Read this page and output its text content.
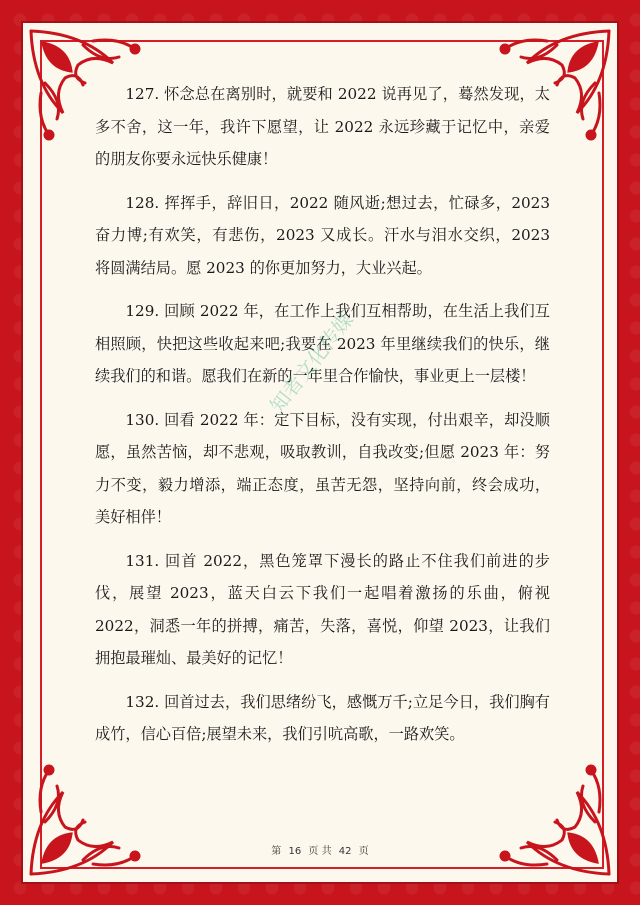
127. 怀念总在离别时，就要和 2022 说再见了，蓦然发现，太多不舍，这一年，我许下愿望，让 2022 永远珍藏于记忆中，亲爱的朋友你要永远快乐健康！

128. 挥挥手，辞旧日，2022 随风逝;想过去，忙碌多，2023 奋力博;有欢笑，有悲伤，2023 又成长。汗水与泪水交织，2023 将圆满结局。愿 2023 的你更加努力，大业兴起。

129. 回顾 2022 年，在工作上我们互相帮助，在生活上我们互相照顾，快把这些收起来吧;我要在 2023 年里继续我们的快乐，继续我们的和谐。愿我们在新的一年里合作愉快，事业更上一层楼！

130. 回看 2022 年：定下目标，没有实现，付出艰辛，却没顺愿，虽然苦恼，却不悲观，吸取教训，自我改变;但愿 2023 年：努力不变，毅力增添，端正态度，虽苦无怨，坚持向前，终会成功，美好相伴！

131. 回首 2022，黑色笼罩下漫长的路止不住我们前进的步伐，展望 2023，蓝天白云下我们一起唱着激扬的乐曲，俯视 2022，洞悉一年的拼搏，痛苦，失落，喜悦，仰望 2023，让我们拥抱最璀灿、最美好的记忆！

132. 回首过去，我们思绪纷飞，感慨万千;立足今日，我们胸有成竹，信心百倍;展望未来，我们引吭高歌，一路欢笑。

知者文化传媒
第 16 页 共 42 页
